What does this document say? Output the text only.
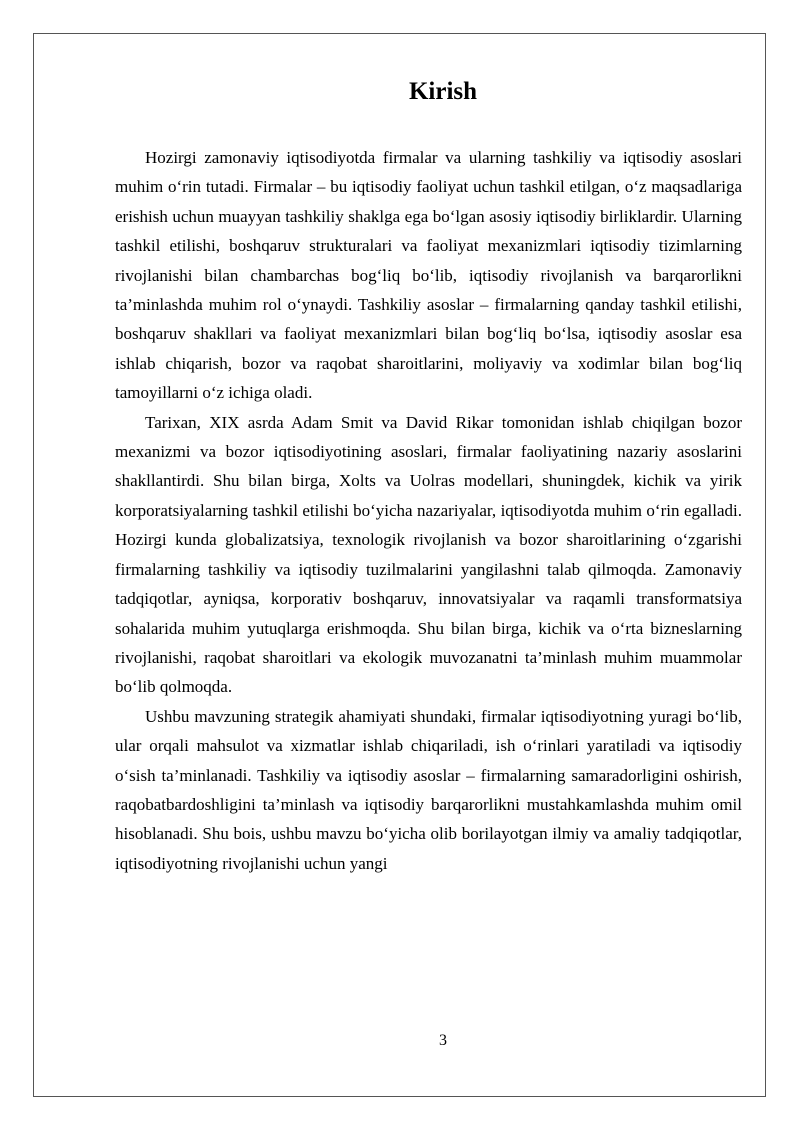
Kirish

Hozirgi zamonaviy iqtisodiyotda firmalar va ularning tashkiliy va iqtisodiy asoslari muhim o‘rin tutadi. Firmalar – bu iqtisodiy faoliyat uchun tashkil etilgan, o‘z maqsadlariga erishish uchun muayyan tashkiliy shaklga ega bo‘lgan asosiy iqtisodiy birliklardir. Ularning tashkil etilishi, boshqaruv strukturalari va faoliyat mexanizmlari iqtisodiy tizimlarning rivojlanishi bilan chambarchas bog‘liq bo‘lib, iqtisodiy rivojlanish va barqarorlikni ta’minlashda muhim rol o‘ynaydi. Tashkiliy asoslar – firmalarning qanday tashkil etilishi, boshqaruv shakllari va faoliyat mexanizmlari bilan bog‘liq bo‘lsa, iqtisodiy asoslar esa ishlab chiqarish, bozor va raqobat sharoitlarini, moliyaviy va xodimlar bilan bog‘liq tamoyillarni o‘z ichiga oladi.

Tarixan, XIX asrda Adam Smit va David Rikar tomonidan ishlab chiqilgan bozor mexanizmi va bozor iqtisodiyotining asoslari, firmalar faoliyatining nazariy asoslarini shakllantirdi. Shu bilan birga, Xolts va Uolras modellari, shuningdek, kichik va yirik korporatsiyalarning tashkil etilishi bo‘yicha nazariyalar, iqtisodiyotda muhim o‘rin egalladi. Hozirgi kunda globalizatsiya, texnologik rivojlanish va bozor sharoitlarining o‘zgarishi firmalarning tashkiliy va iqtisodiy tuzilmalarini yangilashni talab qilmoqda. Zamonaviy tadqiqotlar, ayniqsa, korporativ boshqaruv, innovatsiyalar va raqamli transformatsiya sohalarida muhim yutuqlarga erishmoqda. Shu bilan birga, kichik va o‘rta bizneslarning rivojlanishi, raqobat sharoitlari va ekologik muvozanatni ta’minlash muhim muammolar bo‘lib qolmoqda.

Ushbu mavzuning strategik ahamiyati shundaki, firmalar iqtisodiyotning yuragi bo‘lib, ular orqali mahsulot va xizmatlar ishlab chiqariladi, ish o‘rinlari yaratiladi va iqtisodiy o‘sish ta’minlanadi. Tashkiliy va iqtisodiy asoslar – firmalarning samaradorligini oshirish, raqobatbardoshligini ta’minlash va iqtisodiy barqarorlikni mustahkamlashda muhim omil hisoblanadi. Shu bois, ushbu mavzu bo‘yicha olib borilayotgan ilmiy va amaliy tadqiqotlar, iqtisodiyotning rivojlanishi uchun yangi

3
